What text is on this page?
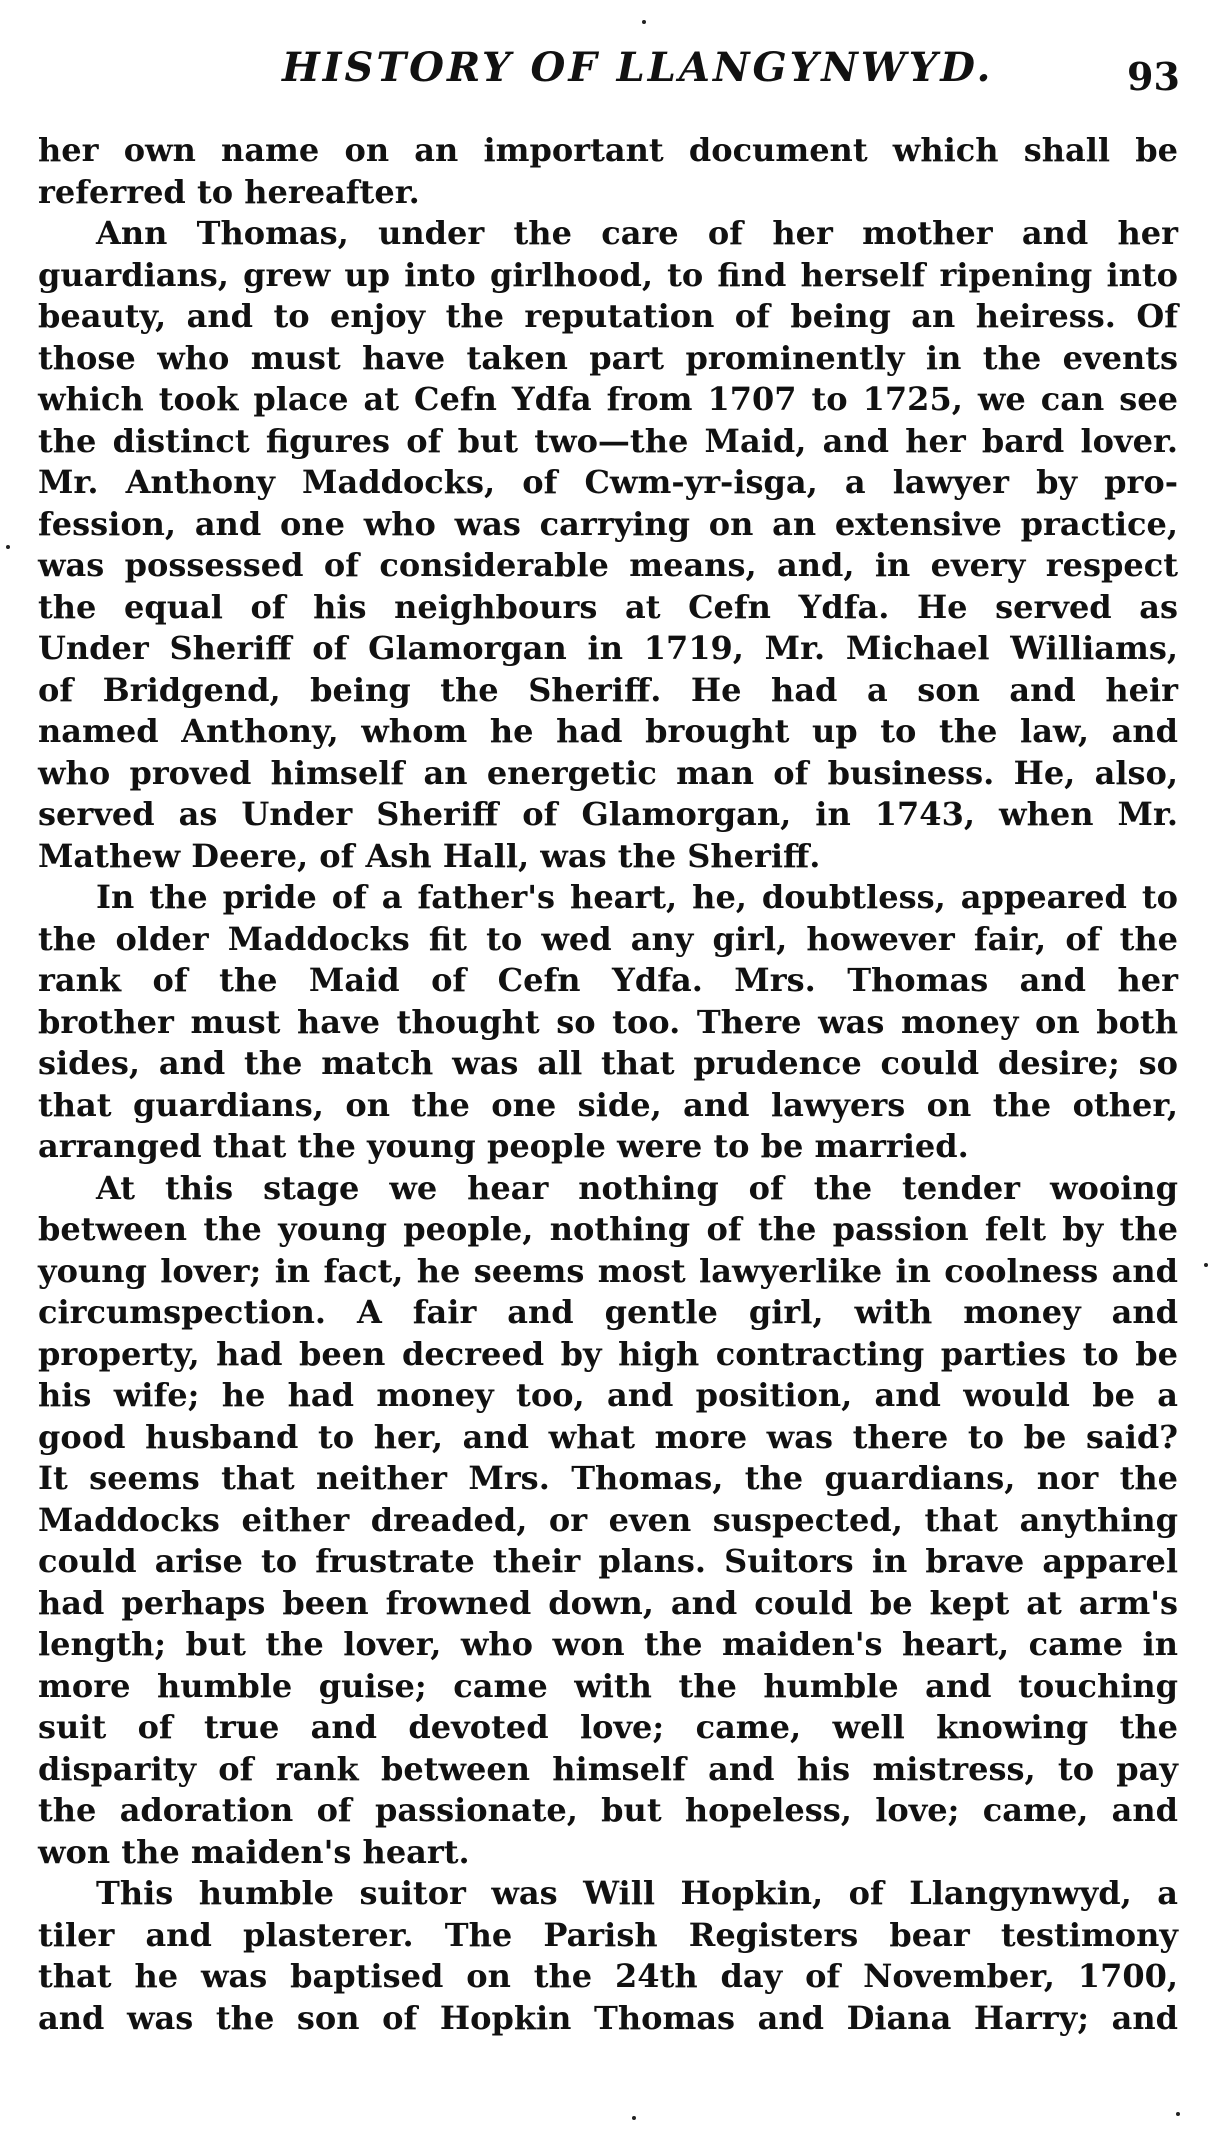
HISTORY OF LLANGYNWYD.	93
her own name on an important document which shall be
referred to hereafter.
Ann Thomas, under the care of her mother and her
guardians, grew up into girlhood, to find herself ripening into
beauty, and to enjoy the reputation of being an heiress. Of
those who must have taken part prominently in the events
which took place at Cefn Ydfa from 1707 to 1725, we can see
the distinct figures of but two—the Maid, and her bard lover.
Mr. Anthony Maddocks, of Cwm-yr-isga, a lawyer by pro-
fession, and one who was carrying on an extensive practice,
was possessed of considerable means, and, in every respect
the equal of his neighbours at Cefn Ydfa. He served as
Under Sheriff of Glamorgan in 1719, Mr. Michael Williams,
of Bridgend, being the Sheriff. He had a son and heir
named Anthony, whom he had brought up to the law, and
who proved himself an energetic man of business. He, also,
served as Under Sheriff of Glamorgan, in 1743, when Mr.
Mathew Deere, of Ash Hall, was the Sheriff.
In the pride of a father's heart, he, doubtless, appeared to
the older Maddocks fit to wed any girl, however fair, of the
rank of the Maid of Cefn Ydfa. Mrs. Thomas and her
brother must have thought so too. There was money on both
sides, and the match was all that prudence could desire; so
that guardians, on the one side, and lawyers on the other,
arranged that the young people were to be married.
At this stage we hear nothing of the tender wooing
between the young people, nothing of the passion felt by the
young lover; in fact, he seems most lawyerlike in coolness and
circumspection. A fair and gentle girl, with money and
property, had been decreed by high contracting parties to be
his wife; he had money too, and position, and would be a
good husband to her, and what more was there to be said?
It seems that neither Mrs. Thomas, the guardians, nor the
Maddocks either dreaded, or even suspected, that anything
could arise to frustrate their plans. Suitors in brave apparel
had perhaps been frowned down, and could be kept at arm's
length; but the lover, who won the maiden's heart, came in
more humble guise; came with the humble and touching
suit of true and devoted love; came, well knowing the
disparity of rank between himself and his mistress, to pay
the adoration of passionate, but hopeless, love; came, and
won the maiden's heart.
This humble suitor was Will Hopkin, of Llangynwyd, a
tiler and plasterer. The Parish Registers bear testimony
that he was baptised on the 24th day of November, 1700,
and was the son of Hopkin Thomas and Diana Harry; and
